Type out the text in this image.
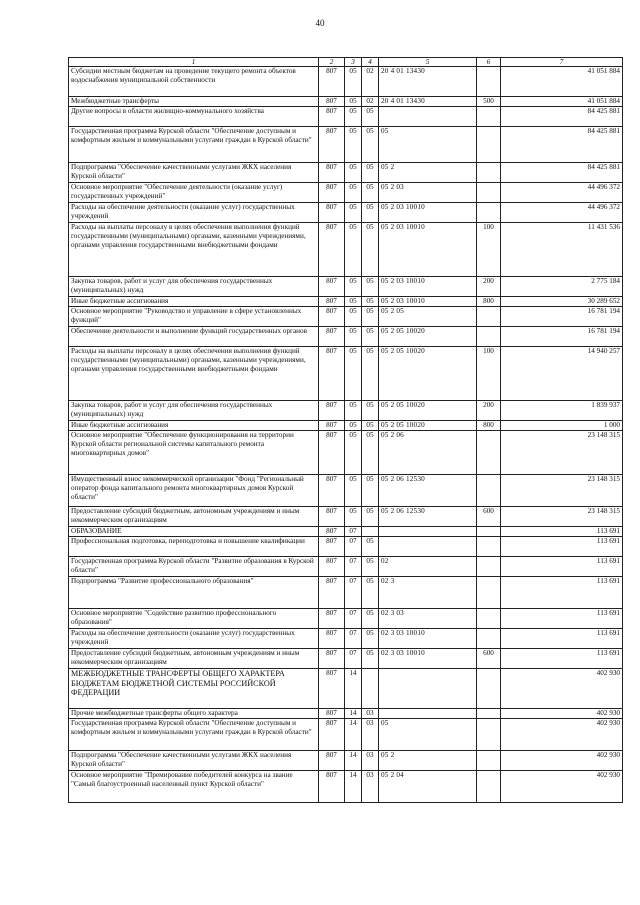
40
1	2	3	4	5	6	7
Субсидии местным бюджетам на проведение текущего ремонта объектов водоснабжения муниципальной собственности	807	05	02	20 4 01 13430		41 051 884
Межбюджетные трансферты	807	05	02	20 4 01 13430	500	41 051 884
Другие вопросы в области жилищно-коммунального хозяйства	807	05	05			84 425 881
Государственная программа Курской области "Обеспечение доступным и комфортным жильем и коммунальными услугами граждан в Курской области"	807	05	05	05		84 425 881
Подпрограмма "Обеспечение качественными услугами ЖКХ населения Курской области"	807	05	05	05 2		84 425 881
Основное мероприятие "Обеспечение деятельности (оказание услуг) государственных учреждений"	807	05	05	05 2 03		44 496 372
Расходы на обеспечение деятельности (оказание услуг) государственных учреждений	807	05	05	05 2 03 10010		44 496 372
Расходы на выплаты персоналу в целях обеспечения выполнения функций государственными (муниципальными) органами, казенными учреждениями, органами управления государственными внебюджетными фондами	807	05	05	05 2 03 10010	100	11 431 536
Закупка товаров, работ и услуг для обеспечения государственных (муниципальных) нужд	807	05	05	05 2 03 10010	200	2 775 184
Иные бюджетные ассигнования	807	05	05	05 2 03 10010	800	30 289 652
Основное мероприятие "Руководство и управление в сфере установленных функций"	807	05	05	05 2 05		16 781 194
Обеспечение деятельности и выполнение функций государственных органов	807	05	05	05 2 05 10020		16 781 194
Расходы на выплаты персоналу в целях обеспечения выполнения функций государственными (муниципальными) органами, казенными учреждениями, органами управления государственными внебюджетными фондами	807	05	05	05 2 05 10020	100	14 940 257
Закупка товаров, работ и услуг для обеспечения государственных (муниципальных) нужд	807	05	05	05 2 05 10020	200	1 839 937
Иные бюджетные ассигнования	807	05	05	05 2 05 10020	800	1 000
Основное мероприятие "Обеспечение функционирования на территории Курской области региональной системы капитального ремонта многоквартирных домов"	807	05	05	05 2 06		23 148 315
Имущественный взнос некоммерческой организации "Фонд "Региональный оператор фонда капитального ремонта многоквартирных домов Курской области"	807	05	05	05 2 06 12530		23 148 315
Предоставление субсидий бюджетным, автономным учреждениям и иным некоммерческим организациям	807	05	05	05 2 06 12530	600	23 148 315
ОБРАЗОВАНИЕ	807	07				113 691
Профессиональная подготовка, переподготовка и повышение квалификации	807	07	05			113 691
Государственная программа Курской области "Развитие образования в Курской области"	807	07	05	02		113 691
Подпрограмма "Развитие профессионального образования"	807	07	05	02 3		113 691
Основное мероприятие "Содействие развитию профессионального образования"	807	07	05	02 3 03		113 691
Расходы на обеспечение деятельности (оказание услуг) государственных учреждений	807	07	05	02 3 03 10010		113 691
Предоставление субсидий бюджетным, автономным учреждениям и иным некоммерческим организациям	807	07	05	02 3 03 10010	600	113 691
МЕЖБЮДЖЕТНЫЕ ТРАНСФЕРТЫ ОБЩЕГО ХАРАКТЕРА БЮДЖЕТАМ БЮДЖЕТНОЙ СИСТЕМЫ РОССИЙСКОЙ ФЕДЕРАЦИИ	807	14				402 930
Прочие межбюджетные трансферты общего характера	807	14	03			402 930
Государственная программа Курской области "Обеспечение доступным и комфортным жильем и коммунальными услугами граждан в Курской области"	807	14	03	05		402 930
Подпрограмма "Обеспечение качественными услугами ЖКХ населения Курской области"	807	14	03	05 2		402 930
Основное мероприятие "Премирование победителей конкурса на звание "Самый благоустроенный населенный пункт Курской области"	807	14	03	05 2 04		402 930
